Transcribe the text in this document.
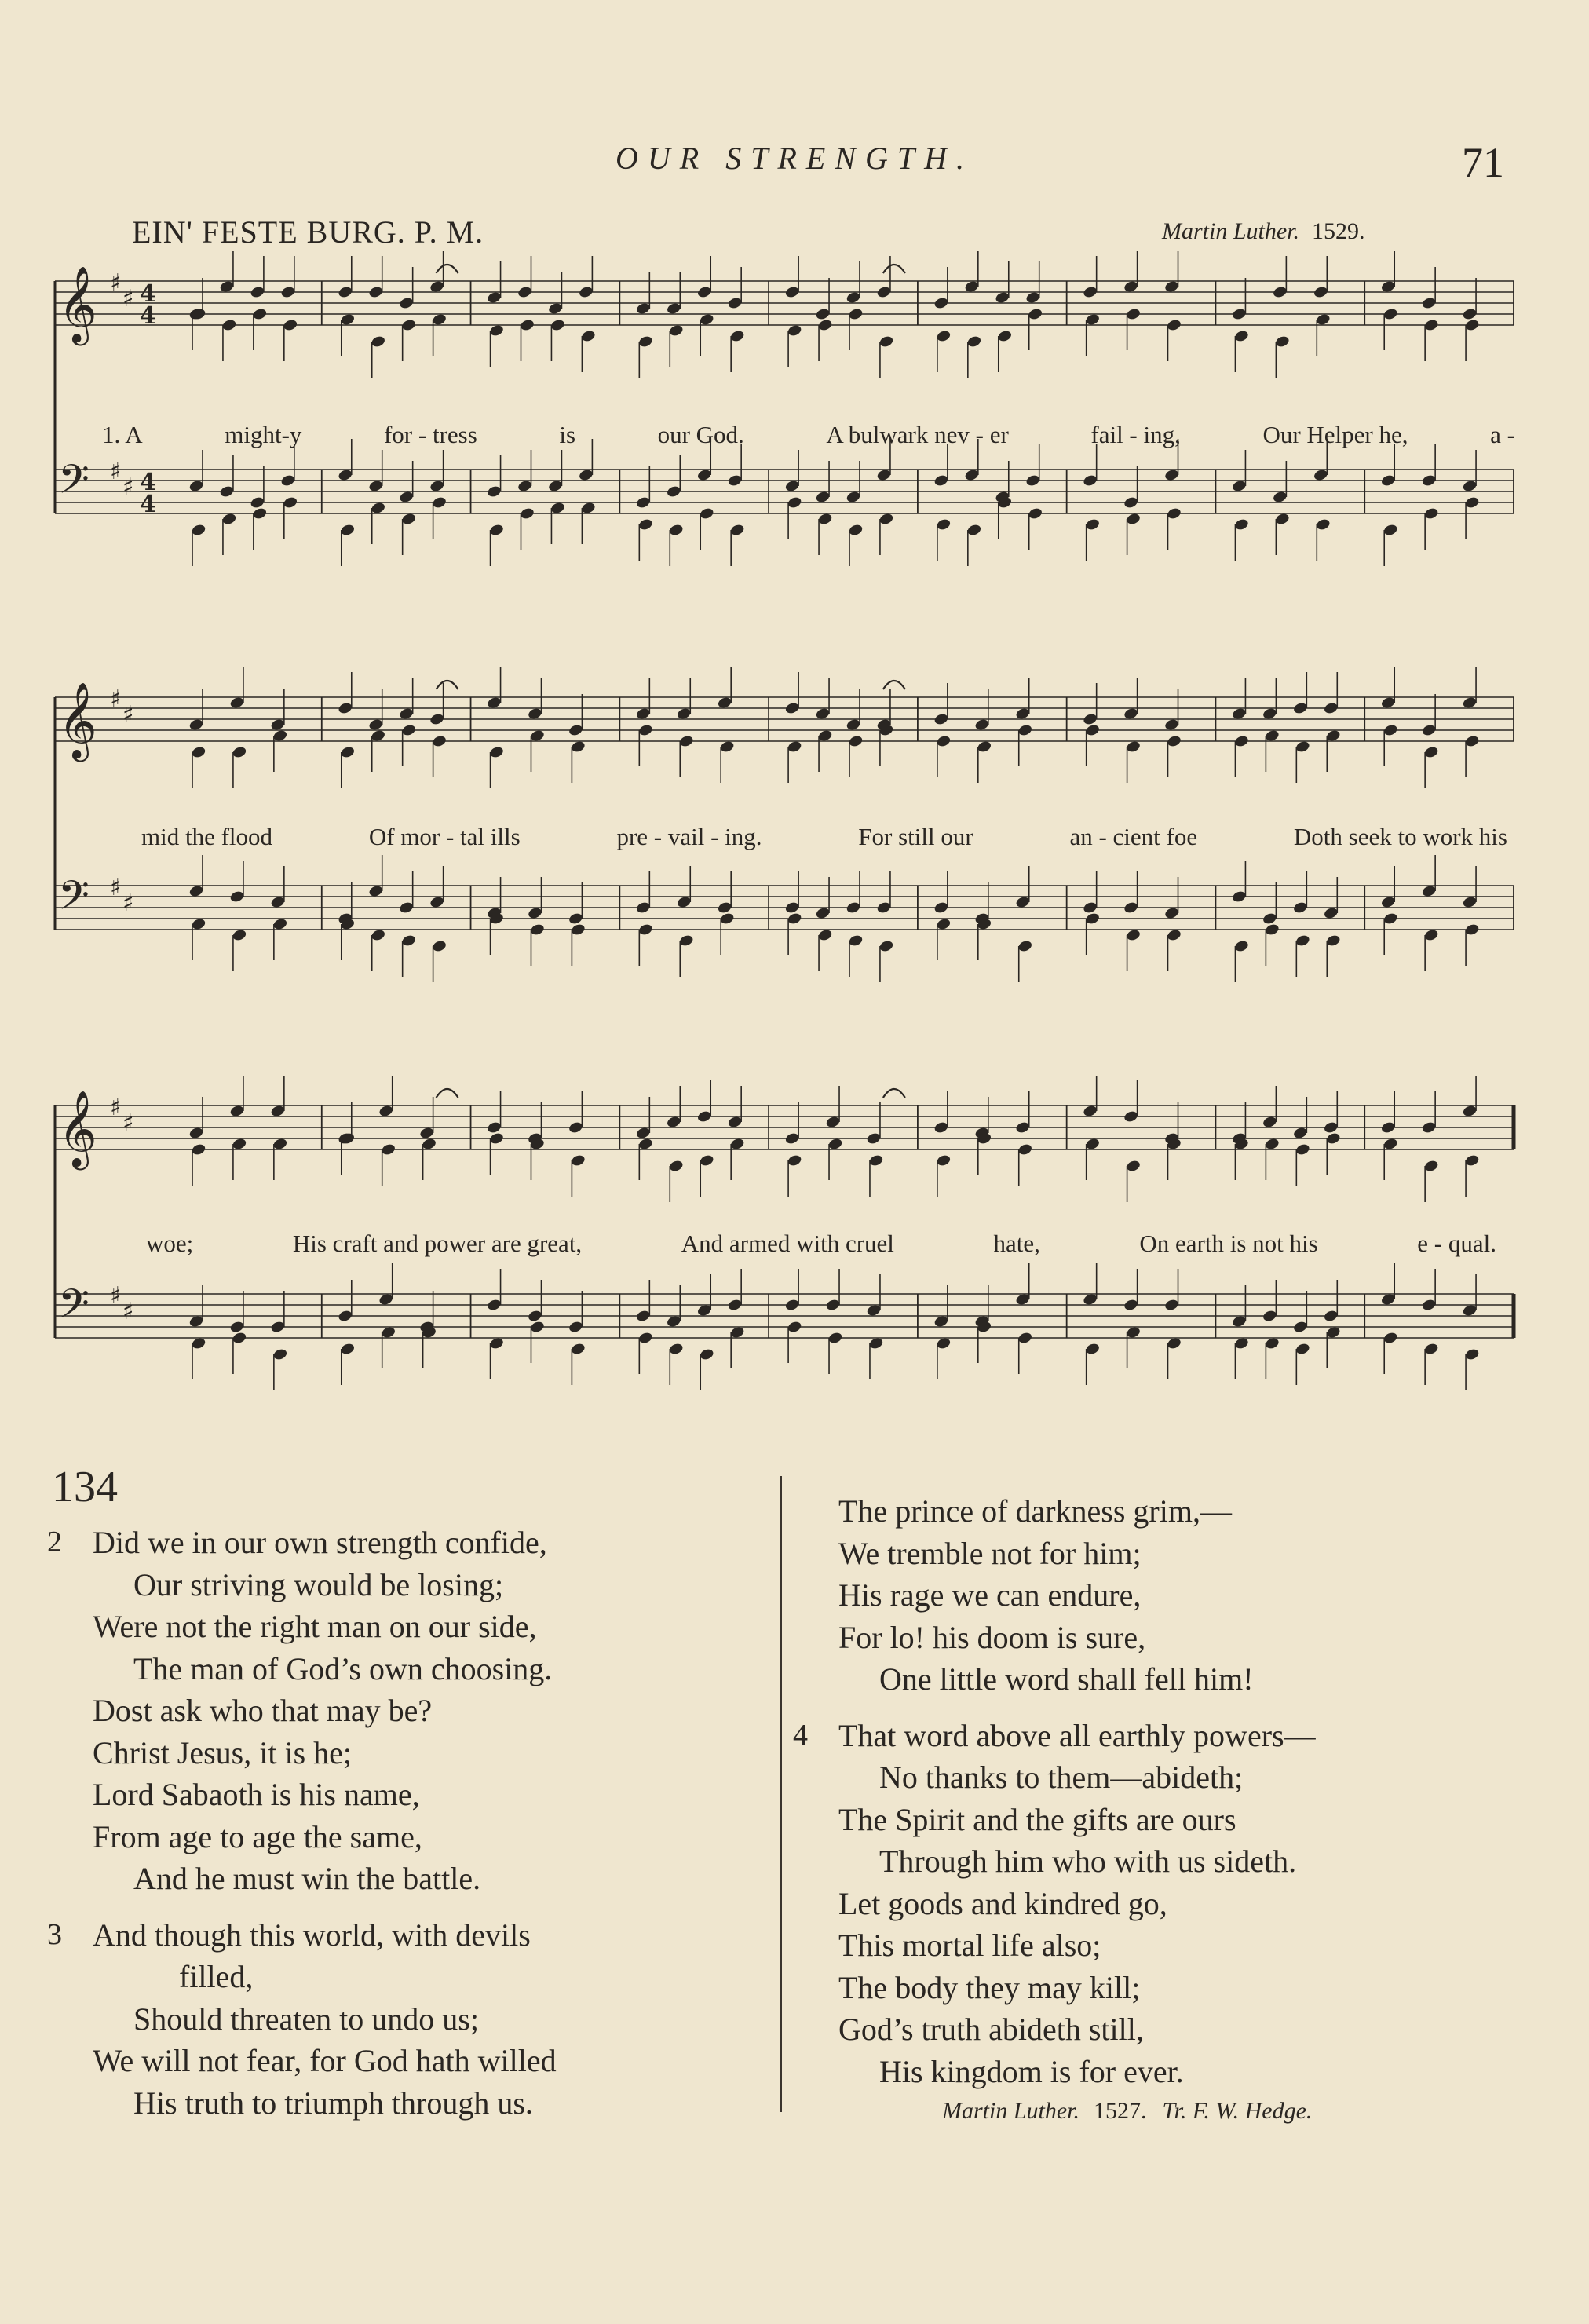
OUR STRENGTH.	71
EIN' FESTE BURG. P. M.	Martin Luther. 1529.
𝄞 ♯
♯ 4
4
𝄢 ♯
♯ 4
4
1. A	might-y	for - tress	is	our God.	A bulwark nev - er	fail - ing,	Our Helper he,	a -
𝄞 ♯
♯
𝄢 ♯
♯
mid the flood	Of mor - tal ills	pre - vail - ing.	For still our	an - cient foe	Doth seek to work his
𝄞 ♯
♯
𝄢 ♯
♯
woe;	His craft and power are great,	And armed with cruel	hate,	On earth is not his	e - qual.
134
2 Did we in our own strength confide,
Our striving would be losing;
Were not the right man on our side,
The man of God’s own choosing.
Dost ask who that may be?
Christ Jesus, it is he;
Lord Sabaoth is his name,
From age to age the same,
And he must win the battle.
3 And though this world, with devils
filled,
Should threaten to undo us;
We will not fear, for God hath willed
His truth to triumph through us.
The prince of darkness grim,—
We tremble not for him;
His rage we can endure,
For lo! his doom is sure,
One little word shall fell him!
4 That word above all earthly powers—
No thanks to them—abideth;
The Spirit and the gifts are ours
Through him who with us sideth.
Let goods and kindred go,
This mortal life also;
The body they may kill;
God’s truth abideth still,
His kingdom is for ever.
Martin Luther. 1527. Tr. F. W. Hedge.
